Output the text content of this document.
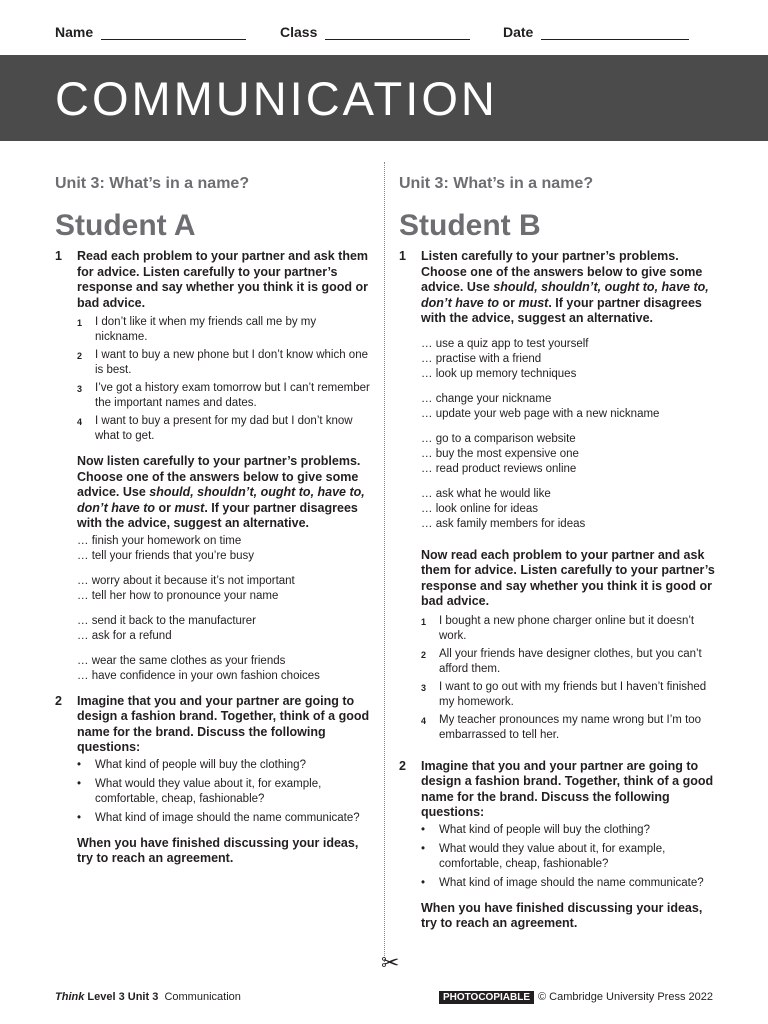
Name	Class	Date
COMMUNICATION
✂

Unit 3: What’s in a name?

Student A

1 Read each problem to your partner and ask them for advice. Listen carefully to your partner’s response and say whether you think it is good or bad advice.
1 I don’t like it when my friends call me by my nickname.
2 I want to buy a new phone but I don’t know which one is best.
3 I’ve got a history exam tomorrow but I can’t remember the important names and dates.
4 I want to buy a present for my dad but I don’t know what to get.

Now listen carefully to your partner’s problems. Choose one of the answers below to give some advice. Use should, shouldn’t, ought to, have to, don’t have to or must. If your partner disagrees with the advice, suggest an alternative.

… finish your homework on time
… tell your friends that you’re busy
… worry about it because it’s not important
… tell her how to pronounce your name
… send it back to the manufacturer
… ask for a refund
… wear the same clothes as your friends
… have confidence in your own fashion choices
2 Imagine that you and your partner are going to design a fashion brand. Together, think of a good name for the brand. Discuss the following questions:
• What kind of people will buy the clothing?
• What would they value about it, for example, comfortable, cheap, fashionable?
• What kind of image should the name communicate?

When you have finished discussing your ideas, try to reach an agreement.

Unit 3: What’s in a name?

Student B

1 Listen carefully to your partner’s problems. Choose one of the answers below to give some advice. Use should, shouldn’t, ought to, have to, don’t have to or must. If your partner disagrees with the advice, suggest an alternative.
… use a quiz app to test yourself
… practise with a friend
… look up memory techniques
… change your nickname
… update your web page with a new nickname
… go to a comparison website
… buy the most expensive one
… read product reviews online
… ask what he would like
… look online for ideas
… ask family members for ideas

Now read each problem to your partner and ask them for advice. Listen carefully to your partner’s response and say whether you think it is good or bad advice.

1 I bought a new phone charger online but it doesn’t work.
2 All your friends have designer clothes, but you can’t afford them.
3 I want to go out with my friends but I haven’t finished my homework.
4 My teacher pronounces my name wrong but I’m too embarrassed to tell her.
2 Imagine that you and your partner are going to design a fashion brand. Together, think of a good name for the brand. Discuss the following questions:
• What kind of people will buy the clothing?
• What would they value about it, for example, comfortable, cheap, fashionable?
• What kind of image should the name communicate?

When you have finished discussing your ideas, try to reach an agreement.

Think Level 3 Unit 3 Communication	PHOTOCOPIABLE © Cambridge University Press 2022
